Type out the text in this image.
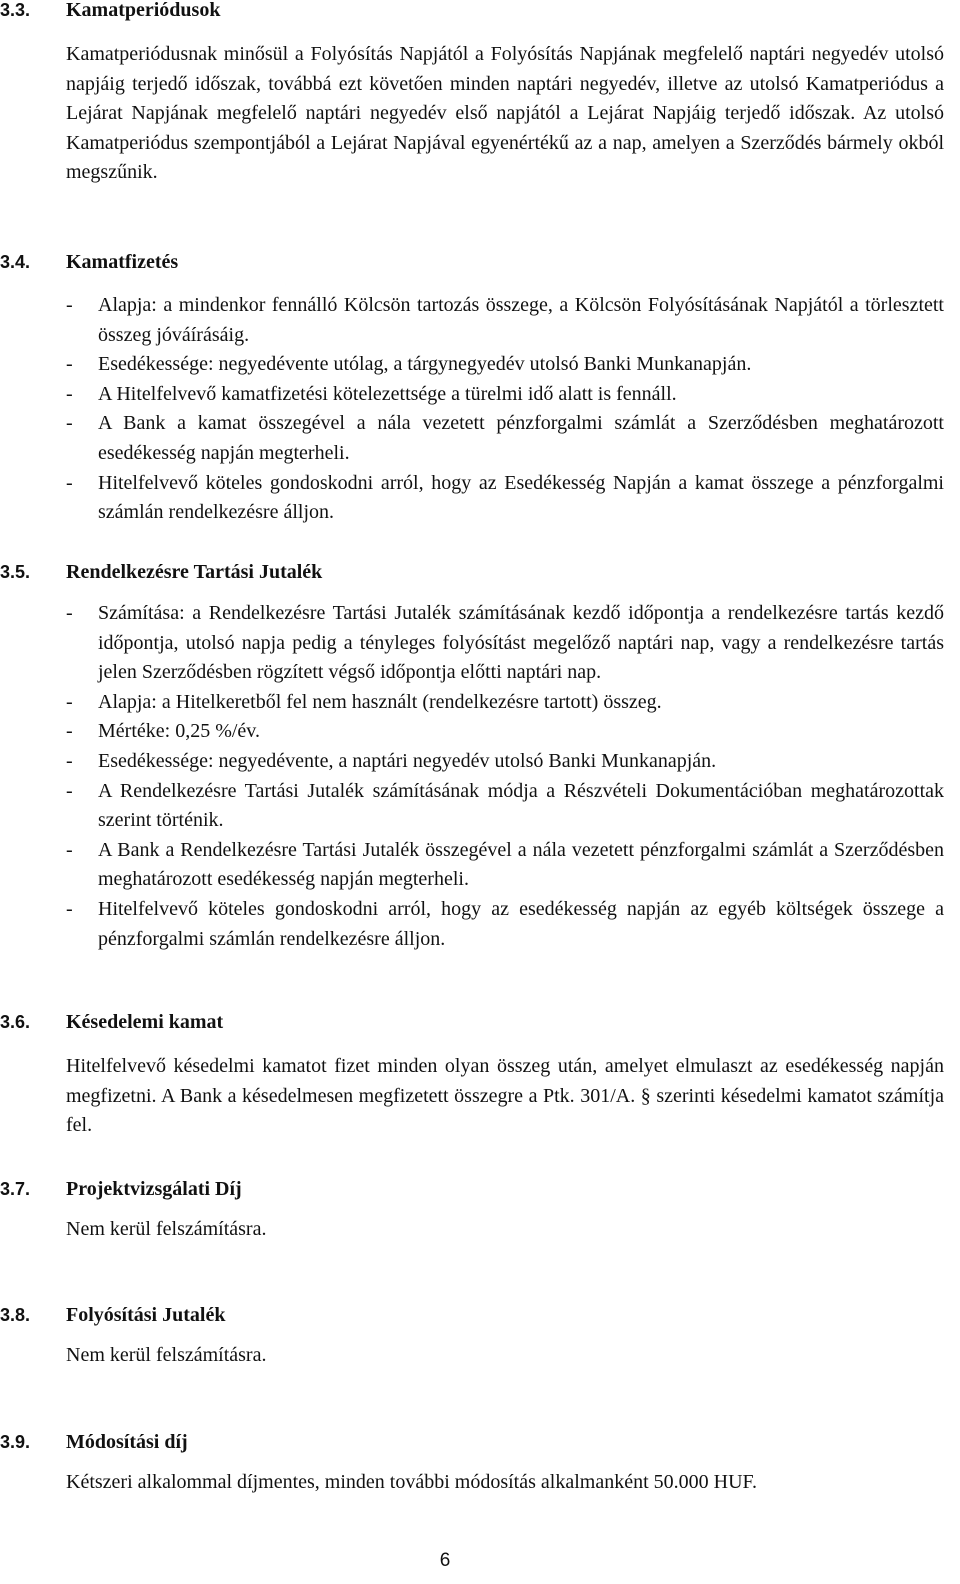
3.3. Kamatperiódusok
Kamatperiódusnak minősül a Folyósítás Napjától a Folyósítás Napjának megfelelő naptári negyedév utolsó napjáig terjedő időszak, továbbá ezt követően minden naptári negyedév, illetve az utolsó Kamatperiódus a Lejárat Napjának megfelelő naptári negyedév első napjától a Lejárat Napjáig terjedő időszak. Az utolsó Kamatperiódus szempontjából a Lejárat Napjával egyenértékű az a nap, amelyen a Szerződés bármely okból megszűnik.
3.4. Kamatfizetés
- Alapja: a mindenkor fennálló Kölcsön tartozás összege, a Kölcsön Folyósításának Napjától a törlesztett összeg jóváírásáig.
- Esedékessége: negyedévente utólag, a tárgynegyedév utolsó Banki Munkanapján.
- A Hitelfelvevő kamatfizetési kötelezettsége a türelmi idő alatt is fennáll.
- A Bank a kamat összegével a nála vezetett pénzforgalmi számlát a Szerződésben meghatározott esedékesség napján megterheli.
- Hitelfelvevő köteles gondoskodni arról, hogy az Esedékesség Napján a kamat összege a pénzforgalmi számlán rendelkezésre álljon.
3.5. Rendelkezésre Tartási Jutalék
- Számítása: a Rendelkezésre Tartási Jutalék számításának kezdő időpontja a rendelkezésre tartás kezdő időpontja, utolsó napja pedig a tényleges folyósítást megelőző naptári nap, vagy a rendelkezésre tartás jelen Szerződésben rögzített végső időpontja előtti naptári nap.
- Alapja: a Hitelkeretből fel nem használt (rendelkezésre tartott) összeg.
- Mértéke: 0,25 %/év.
- Esedékessége: negyedévente, a naptári negyedév utolsó Banki Munkanapján.
- A Rendelkezésre Tartási Jutalék számításának módja a Részvételi Dokumentációban meghatározottak szerint történik.
- A Bank a Rendelkezésre Tartási Jutalék összegével a nála vezetett pénzforgalmi számlát a Szerződésben meghatározott esedékesség napján megterheli.
- Hitelfelvevő köteles gondoskodni arról, hogy az esedékesség napján az egyéb költségek összege a pénzforgalmi számlán rendelkezésre álljon.
3.6. Késedelemi kamat
Hitelfelvevő késedelmi kamatot fizet minden olyan összeg után, amelyet elmulaszt az esedékesség napján megfizetni. A Bank a késedelmesen megfizetett összegre a Ptk. 301/A. § szerinti késedelmi kamatot számítja fel.
3.7. Projektvizsgálati Díj
Nem kerül felszámításra.
3.8. Folyósítási Jutalék
Nem kerül felszámításra.
3.9. Módosítási díj
Kétszeri alkalommal díjmentes, minden további módosítás alkalmanként 50.000 HUF.
6
